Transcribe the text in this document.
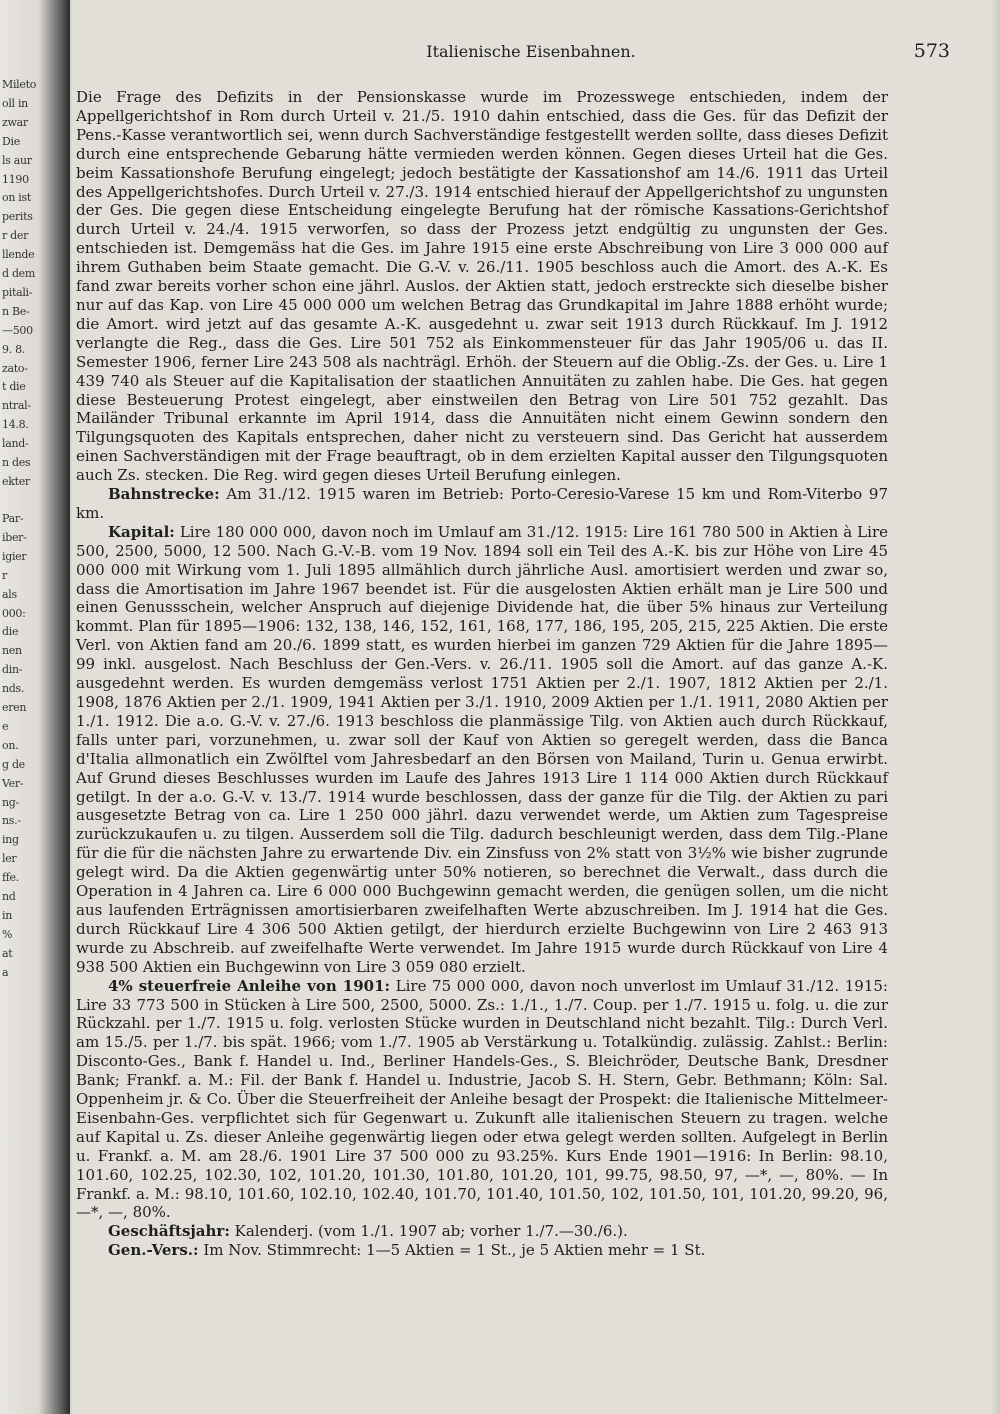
Mileto
oll in
zwar
Die
ls aur
1190
on ist
perits
r der
llende
d dem
pitali-
n Be-
—500
9. 8.
zato-
t die
ntral-
14.8.
land-
n des
ekter
Par-
iber-
igier
r
als
000:
die
nen
din-
nds.
eren
e
on.
g de
Ver-
ng-
ns.-
ing
ler
ffe.
nd
in
%
at
a
Italienische Eisenbahnen.	573

Die Frage des Defizits in der Pensionskasse wurde im Prozesswege entschieden, indem der Appellgerichtshof in Rom durch Urteil v. 21./5. 1910 dahin entschied, dass die Ges. für das Defizit der Pens.-Kasse verantwortlich sei, wenn durch Sachverständige festgestellt werden sollte, dass dieses Defizit durch eine entsprechende Gebarung hätte vermieden werden können. Gegen dieses Urteil hat die Ges. beim Kassationshofe Berufung eingelegt; jedoch bestätigte der Kassationshof am 14./6. 1911 das Urteil des Appellgerichtshofes. Durch Urteil v. 27./3. 1914 entschied hierauf der Appellgerichtshof zu ungunsten der Ges. Die gegen diese Entscheidung eingelegte Berufung hat der römische Kassations-Gerichtshof durch Urteil v. 24./4. 1915 verworfen, so dass der Prozess jetzt endgültig zu ungunsten der Ges. entschieden ist. Demgemäss hat die Ges. im Jahre 1915 eine erste Abschreibung von Lire 3 000 000 auf ihrem Guthaben beim Staate gemacht. Die G.-V. v. 26./11. 1905 beschloss auch die Amort. des A.-K. Es fand zwar bereits vorher schon eine jährl. Auslos. der Aktien statt, jedoch erstreckte sich dieselbe bisher nur auf das Kap. von Lire 45 000 000 um welchen Betrag das Grundkapital im Jahre 1888 erhöht wurde; die Amort. wird jetzt auf das gesamte A.-K. ausgedehnt u. zwar seit 1913 durch Rückkauf. Im J. 1912 verlangte die Reg., dass die Ges. Lire 501 752 als Einkommensteuer für das Jahr 1905/06 u. das II. Semester 1906, ferner Lire 243 508 als nachträgl. Erhöh. der Steuern auf die Oblig.-Zs. der Ges. u. Lire 1 439 740 als Steuer auf die Kapitalisation der staatlichen Annuitäten zu zahlen habe. Die Ges. hat gegen diese Besteuerung Protest eingelegt, aber einstweilen den Betrag von Lire 501 752 gezahlt. Das Mailänder Tribunal erkannte im April 1914, dass die Annuitäten nicht einem Gewinn sondern den Tilgungsquoten des Kapitals entsprechen, daher nicht zu versteuern sind. Das Gericht hat ausserdem einen Sachverständigen mit der Frage beauftragt, ob in dem erzielten Kapital ausser den Tilgungsquoten auch Zs. stecken. Die Reg. wird gegen dieses Urteil Berufung einlegen.

Bahnstrecke: Am 31./12. 1915 waren im Betrieb: Porto-Ceresio-Varese 15 km und Rom-Viterbo 97 km.

Kapital: Lire 180 000 000, davon noch im Umlauf am 31./12. 1915: Lire 161 780 500 in Aktien à Lire 500, 2500, 5000, 12 500. Nach G.-V.-B. vom 19 Nov. 1894 soll ein Teil des A.-K. bis zur Höhe von Lire 45 000 000 mit Wirkung vom 1. Juli 1895 allmählich durch jährliche Ausl. amortisiert werden und zwar so, dass die Amortisation im Jahre 1967 beendet ist. Für die ausgelosten Aktien erhält man je Lire 500 und einen Genussschein, welcher Anspruch auf diejenige Dividende hat, die über 5% hinaus zur Verteilung kommt. Plan für 1895—1906: 132, 138, 146, 152, 161, 168, 177, 186, 195, 205, 215, 225 Aktien. Die erste Verl. von Aktien fand am 20./6. 1899 statt, es wurden hierbei im ganzen 729 Aktien für die Jahre 1895—99 inkl. ausgelost. Nach Beschluss der Gen.-Vers. v. 26./11. 1905 soll die Amort. auf das ganze A.-K. ausgedehnt werden. Es wurden demgemäss verlost 1751 Aktien per 2./1. 1907, 1812 Aktien per 2./1. 1908, 1876 Aktien per 2./1. 1909, 1941 Aktien per 3./1. 1910, 2009 Aktien per 1./1. 1911, 2080 Aktien per 1./1. 1912. Die a.o. G.-V. v. 27./6. 1913 beschloss die planmässige Tilg. von Aktien auch durch Rückkauf, falls unter pari, vorzunehmen, u. zwar soll der Kauf von Aktien so geregelt werden, dass die Banca d'Italia allmonatlich ein Zwölftel vom Jahresbedarf an den Börsen von Mailand, Turin u. Genua erwirbt. Auf Grund dieses Beschlusses wurden im Laufe des Jahres 1913 Lire 1 114 000 Aktien durch Rückkauf getilgt. In der a.o. G.-V. v. 13./7. 1914 wurde beschlossen, dass der ganze für die Tilg. der Aktien zu pari ausgesetzte Betrag von ca. Lire 1 250 000 jährl. dazu verwendet werde, um Aktien zum Tagespreise zurückzukaufen u. zu tilgen. Ausserdem soll die Tilg. dadurch beschleunigt werden, dass dem Tilg.-Plane für die für die nächsten Jahre zu erwartende Div. ein Zinsfuss von 2% statt von 3½% wie bisher zugrunde gelegt wird. Da die Aktien gegenwärtig unter 50% notieren, so berechnet die Verwalt., dass durch die Operation in 4 Jahren ca. Lire 6 000 000 Buchgewinn gemacht werden, die genügen sollen, um die nicht aus laufenden Erträgnissen amortisierbaren zweifelhaften Werte abzuschreiben. Im J. 1914 hat die Ges. durch Rückkauf Lire 4 306 500 Aktien getilgt, der hierdurch erzielte Buchgewinn von Lire 2 463 913 wurde zu Abschreib. auf zweifelhafte Werte verwendet. Im Jahre 1915 wurde durch Rückkauf von Lire 4 938 500 Aktien ein Buchgewinn von Lire 3 059 080 erzielt.

4% steuerfreie Anleihe von 1901: Lire 75 000 000, davon noch unverlost im Umlauf 31./12. 1915: Lire 33 773 500 in Stücken à Lire 500, 2500, 5000. Zs.: 1./1., 1./7. Coup. per 1./7. 1915 u. folg. u. die zur Rückzahl. per 1./7. 1915 u. folg. verlosten Stücke wurden in Deutschland nicht bezahlt. Tilg.: Durch Verl. am 15./5. per 1./7. bis spät. 1966; vom 1./7. 1905 ab Verstärkung u. Totalkündig. zulässig. Zahlst.: Berlin: Disconto-Ges., Bank f. Handel u. Ind., Berliner Handels-Ges., S. Bleichröder, Deutsche Bank, Dresdner Bank; Frankf. a. M.: Fil. der Bank f. Handel u. Industrie, Jacob S. H. Stern, Gebr. Bethmann; Köln: Sal. Oppenheim jr. & Co. Über die Steuerfreiheit der Anleihe besagt der Prospekt: die Italienische Mittelmeer-Eisenbahn-Ges. verpflichtet sich für Gegenwart u. Zukunft alle italienischen Steuern zu tragen. welche auf Kapital u. Zs. dieser Anleihe gegenwärtig liegen oder etwa gelegt werden sollten. Aufgelegt in Berlin u. Frankf. a. M. am 28./6. 1901 Lire 37 500 000 zu 93.25%. Kurs Ende 1901—1916: In Berlin: 98.10, 101.60, 102.25, 102.30, 102, 101.20, 101.30, 101.80, 101.20, 101, 99.75, 98.50, 97, —*, —, 80%. — In Frankf. a. M.: 98.10, 101.60, 102.10, 102.40, 101.70, 101.40, 101.50, 102, 101.50, 101, 101.20, 99.20, 96, —*, —, 80%.

Geschäftsjahr: Kalenderj. (vom 1./1. 1907 ab; vorher 1./7.—30./6.).

Gen.-Vers.: Im Nov. Stimmrecht: 1—5 Aktien = 1 St., je 5 Aktien mehr = 1 St.
